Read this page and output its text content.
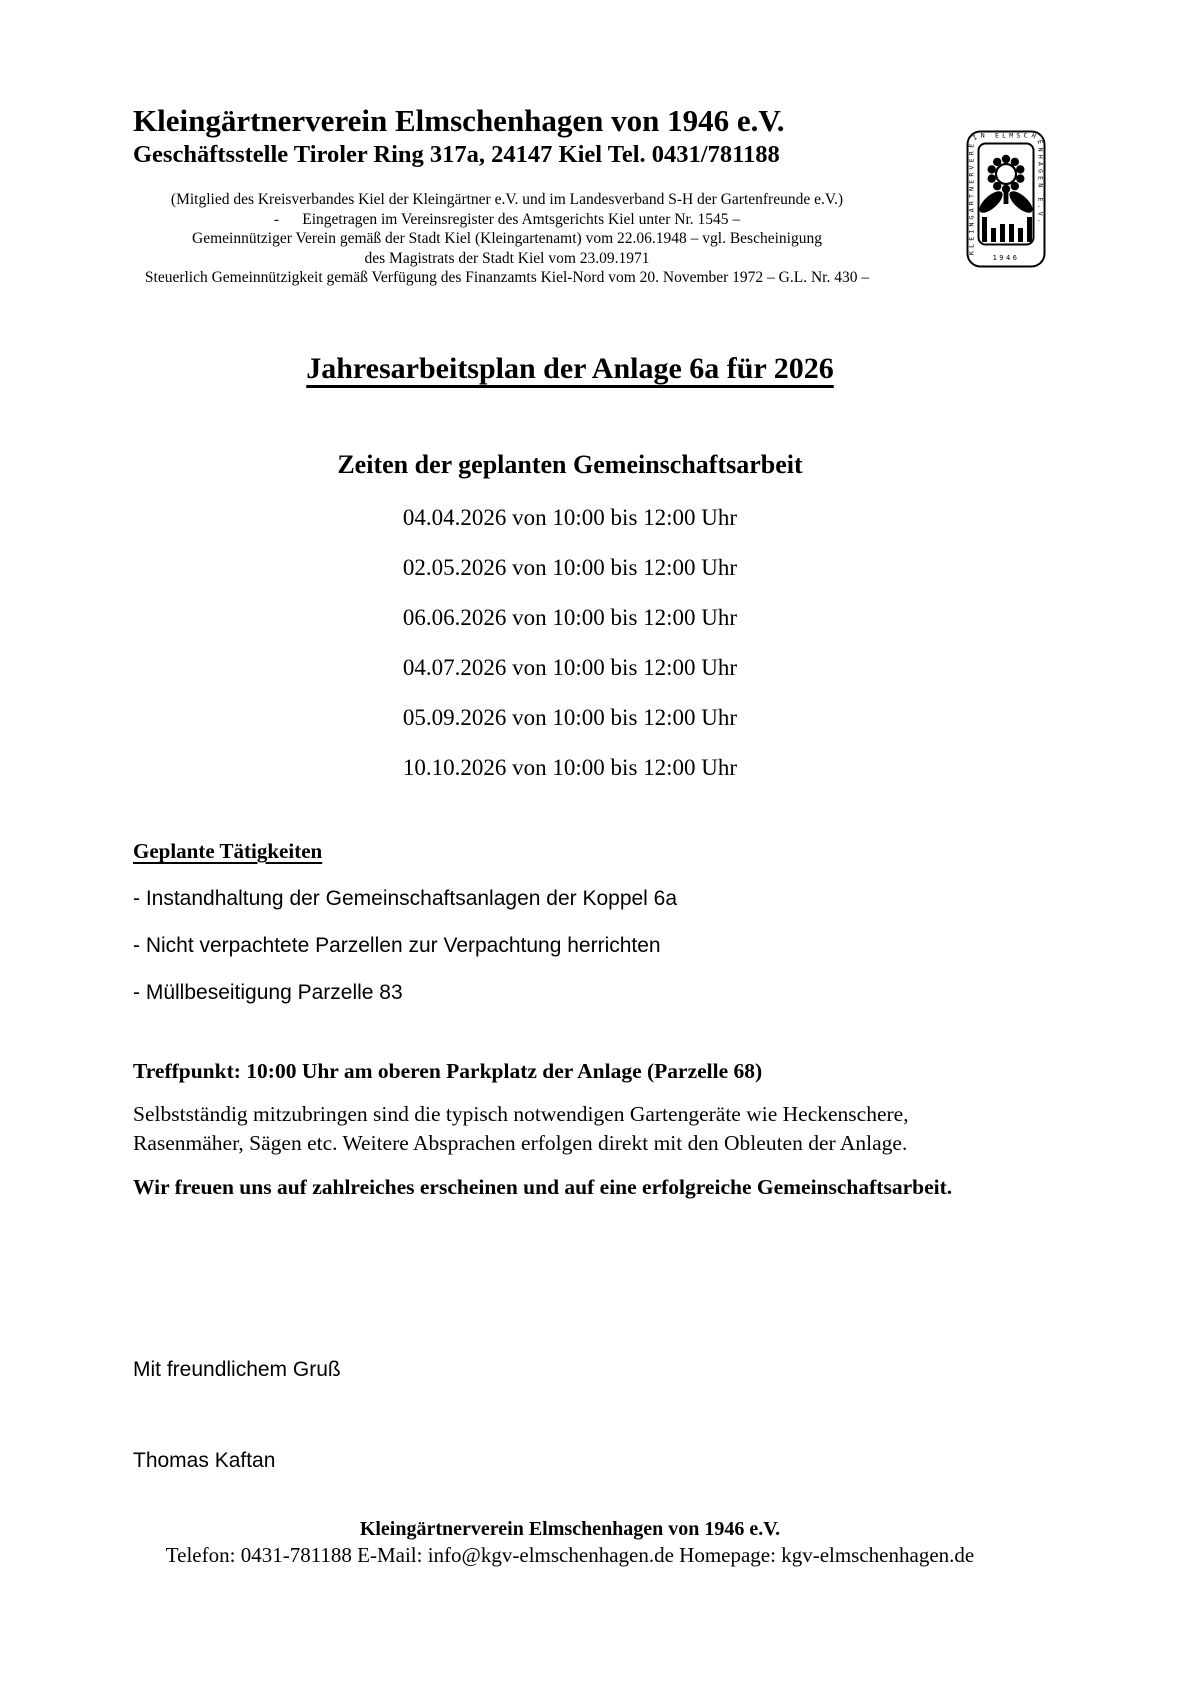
Kleingärtnerverein Elmschenhagen von 1946 e.V.
Geschäftsstelle Tiroler Ring 317a, 24147 Kiel Tel. 0431/781188
(Mitglied des Kreisverbandes Kiel der Kleingärtner e.V. und im Landesverband S-H der Gartenfreunde e.V.)
-      Eingetragen im Vereinsregister des Amtsgerichts Kiel unter Nr. 1545 –
Gemeinnütziger Verein gemäß der Stadt Kiel (Kleingartenamt) vom 22.06.1948 – vgl. Bescheinigung
des Magistrats der Stadt Kiel vom 23.09.1971
Steuerlich Gemeinnützigkeit gemäß Verfügung des Finanzamts Kiel-Nord vom 20. November 1972 – G.L. Nr. 430 –
KLEINGÄRTNERVEREIN ELMSCHENHAGEN E.V.
1946
Jahresarbeitsplan der Anlage 6a für 2026
Zeiten der geplanten Gemeinschaftsarbeit
04.04.2026 von 10:00 bis 12:00 Uhr
02.05.2026 von 10:00 bis 12:00 Uhr
06.06.2026 von 10:00 bis 12:00 Uhr
04.07.2026 von 10:00 bis 12:00 Uhr
05.09.2026 von 10:00 bis 12:00 Uhr
10.10.2026 von 10:00 bis 12:00 Uhr
Geplante Tätigkeiten
- Instandhaltung der Gemeinschaftsanlagen der Koppel 6a
- Nicht verpachtete Parzellen zur Verpachtung herrichten
- Müllbeseitigung Parzelle 83
Treffpunkt: 10:00 Uhr am oberen Parkplatz der Anlage (Parzelle 68)
Selbstständig mitzubringen sind die typisch notwendigen Gartengeräte wie Heckenschere, Rasenmäher, Sägen etc. Weitere Absprachen erfolgen direkt mit den Obleuten der Anlage.
Wir freuen uns auf zahlreiches erscheinen und auf eine erfolgreiche Gemeinschaftsarbeit.
Mit freundlichem Gruß
Thomas Kaftan
Kleingärtnerverein Elmschenhagen von 1946 e.V.
Telefon: 0431-781188 E-Mail: info@kgv-elmschenhagen.de Homepage: kgv-elmschenhagen.de
